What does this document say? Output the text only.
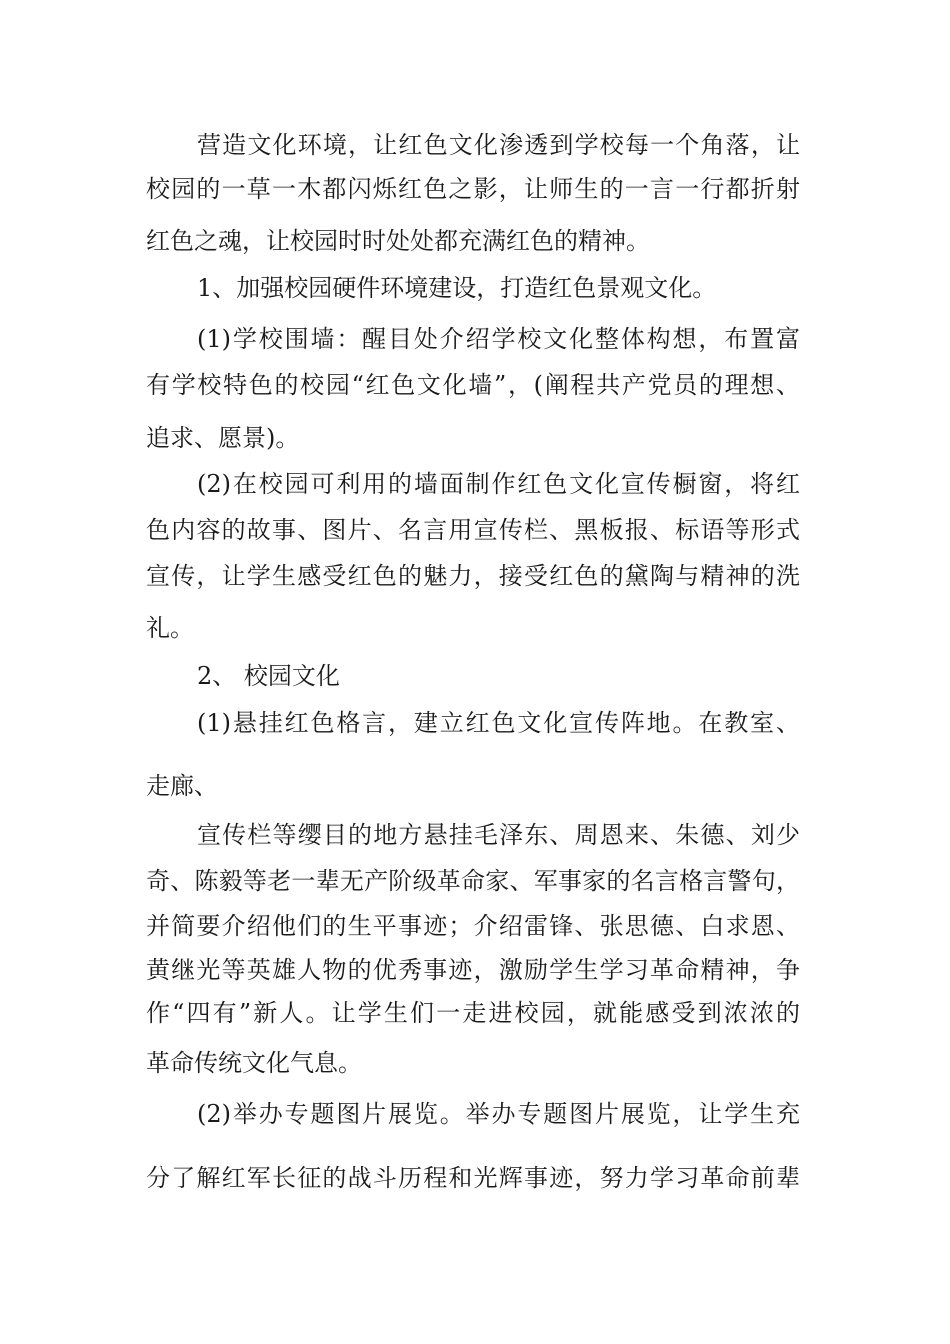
营造文化环境，让红色文化渗透到学校每一个角落，让
校园的一草一木都闪烁红色之影，让师生的一言一行都折射
红色之魂，让校园时时处处都充满红色的精神。
1、加强校园硬件环境建设，打造红色景观文化。
(1)学校围墙：醒目处介绍学校文化整体构想，布置富
有学校特色的校园“红色文化墙”，(阐程共产党员的理想、
追求、愿景)。
(2)在校园可利用的墙面制作红色文化宣传橱窗，将红
色内容的故事、图片、名言用宣传栏、黑板报、标语等形式
宣传，让学生感受红色的魅力，接受红色的黛陶与精神的洗
礼。
2、 校园文化
(1)悬挂红色格言，建立红色文化宣传阵地。在教室、
走廊、
宣传栏等缨目的地方悬挂毛泽东、周恩来、朱德、刘少
奇、陈毅等老一辈无产阶级革命家、军事家的名言格言警句，
并简要介绍他们的生平事迹；介绍雷锋、张思德、白求恩、
黄继光等英雄人物的优秀事迹，激励学生学习革命精神，争
作“四有”新人。让学生们一走进校园，就能感受到浓浓的
革命传统文化气息。
(2)举办专题图片展览。举办专题图片展览，让学生充
分了解红军长征的战斗历程和光辉事迹，努力学习革命前辈
